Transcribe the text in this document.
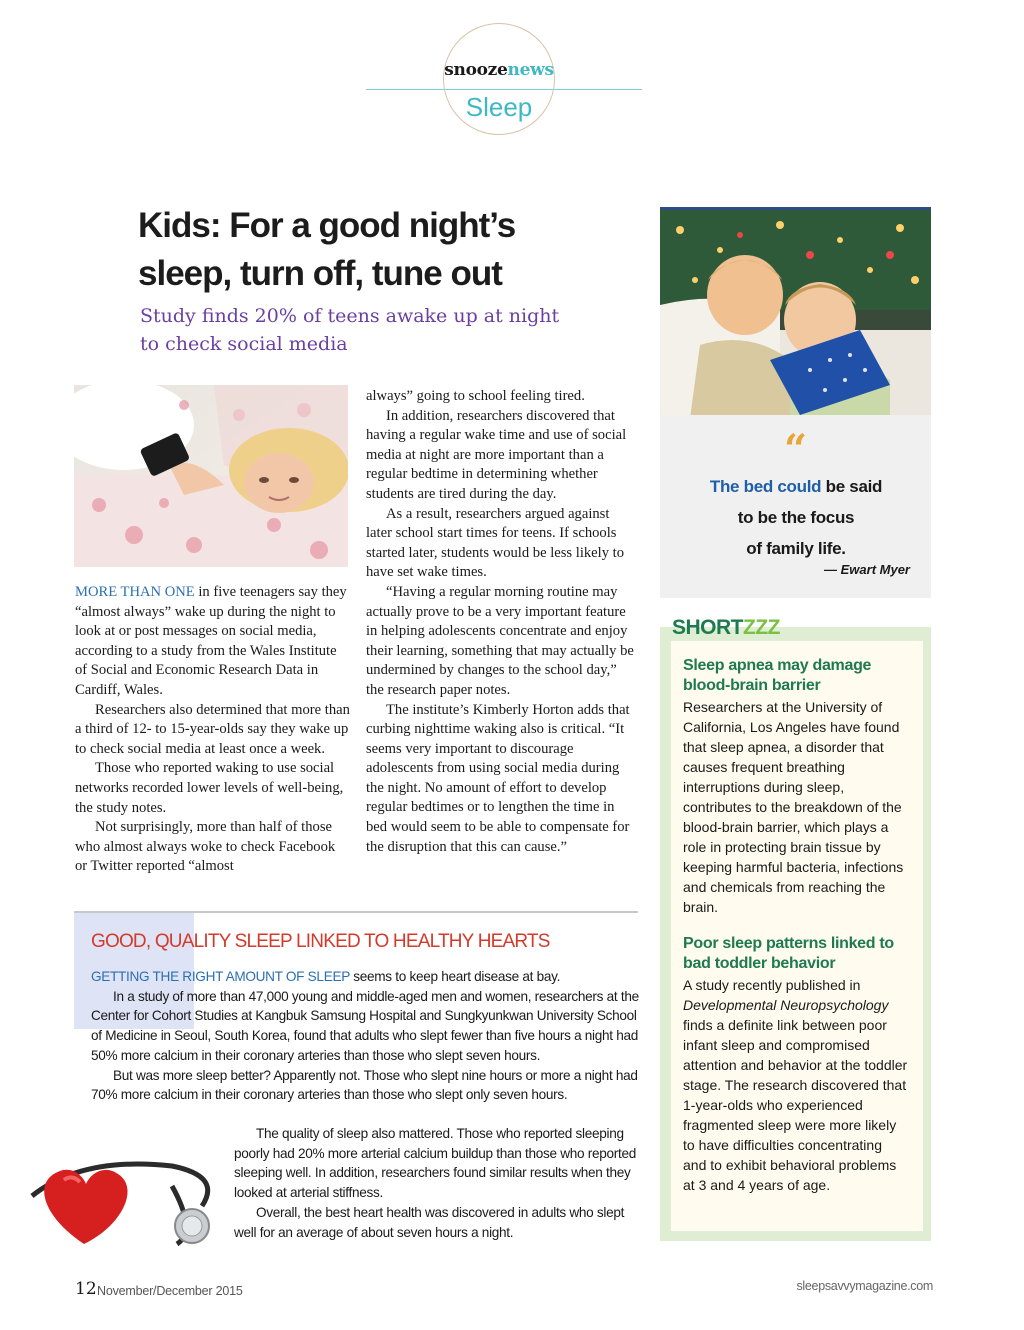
snoozenews
Sleep
Kids: For a good night’s
sleep, turn off, tune out
Study finds 20% of teens awake up at night
to check social media

MORE THAN ONE in five teenagers say they “almost always” wake up during the night to look at or post messages on social media, according to a study from the Wales Institute of Social and Economic Research Data in Cardiff, Wales.

Researchers also determined that more than a third of 12- to 15-year-olds say they wake up to check social media at least once a week.

Those who reported waking to use social networks recorded lower levels of well-being, the study notes.

Not surprisingly, more than half of those who almost always woke to check Facebook or Twitter reported “almost

always” going to school feeling tired.

In addition, researchers discovered that having a regular wake time and use of social media at night are more important than a regular bedtime in determining whether students are tired during the day.

As a result, researchers argued against later school start times for teens. If schools started later, students would be less likely to have set wake times.

“Having a regular morning routine may actually prove to be a very important feature in helping adolescents concentrate and enjoy their learning, something that may actually be undermined by changes to the school day,” the research paper notes.

The institute’s Kimberly Horton adds that curbing nighttime waking also is critical. “It seems very important to discourage adolescents from using social media during the night. No amount of effort to develop regular bedtimes or to lengthen the time in bed would seem to be able to compensate for the disruption that this can cause.”

GOOD, QUALITY SLEEP LINKED TO HEALTHY HEARTS

GETTING THE RIGHT AMOUNT OF SLEEP seems to keep heart disease at bay.

In a study of more than 47,000 young and middle-aged men and women, researchers at the Center for Cohort Studies at Kangbuk Samsung Hospital and Sungkyunkwan University School of Medicine in Seoul, South Korea, found that adults who slept fewer than five hours a night had 50% more calcium in their coronary arteries than those who slept seven hours.

But was more sleep better? Apparently not. Those who slept nine hours or more a night had 70% more calcium in their coronary arteries than those who slept only seven hours.

The quality of sleep also mattered. Those who reported sleeping poorly had 20% more arterial calcium buildup than those who reported sleeping well. In addition, researchers found similar results when they looked at arterial stiffness.

Overall, the best heart health was discovered in adults who slept well for an average of about seven hours a night.

“
The bed could be said
to be the focus
of family life.
— Ewart Myer
SHORTZZZ
Sleep apnea may damage blood-brain barrier
Researchers at the University of California, Los Angeles have found that sleep apnea, a disorder that causes frequent breathing interruptions during sleep, contributes to the breakdown of the blood-brain barrier, which plays a role in protecting brain tissue by keeping harmful bacteria, infections and chemicals from reaching the brain.
Poor sleep patterns linked to bad toddler behavior
A study recently published in Developmental Neuropsychology finds a definite link between poor infant sleep and compromised attention and behavior at the toddler stage. The research discovered that 1-year-olds who experienced fragmented sleep were more likely to have difficulties concentrating and to exhibit behavioral problems at 3 and 4 years of age.
12 November/December 2015	sleepsavvymagazine.com
